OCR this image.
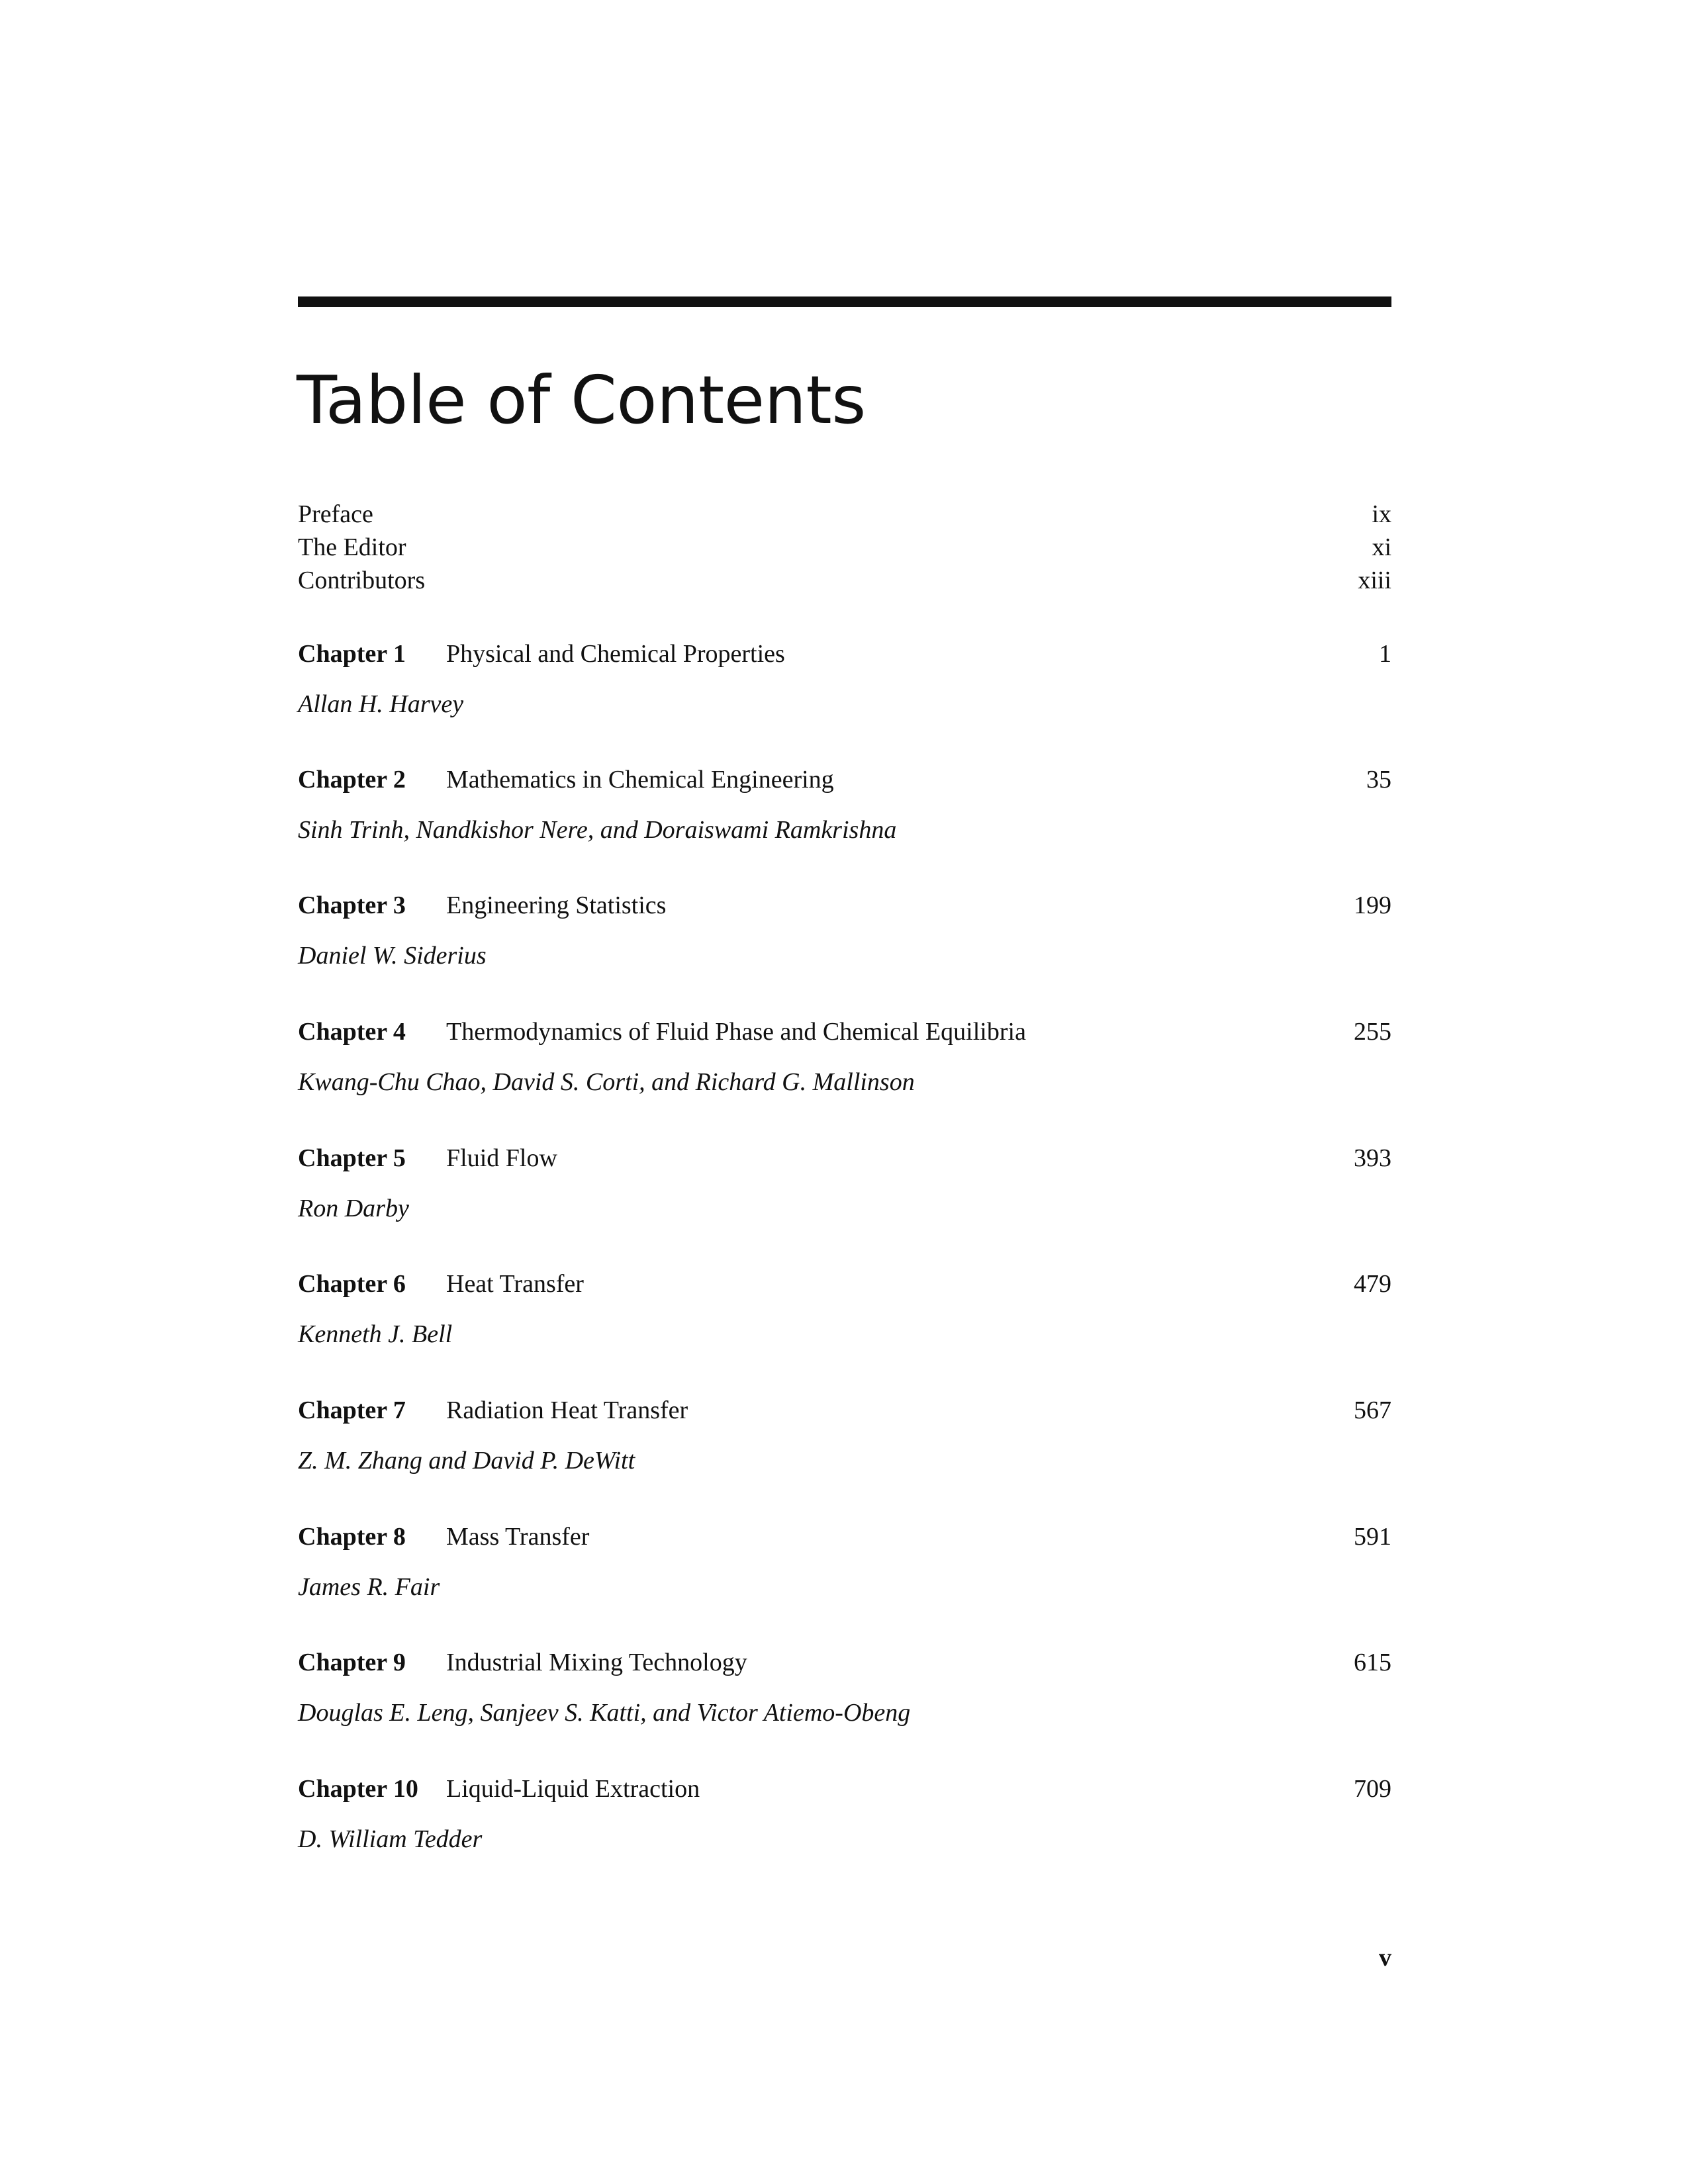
Table of Contents
Preface	ix
The Editor	xi
Contributors	xiii
Chapter 1	Physical and Chemical Properties	1
Allan H. Harvey
Chapter 2	Mathematics in Chemical Engineering	35
Sinh Trinh, Nandkishor Nere, and Doraiswami Ramkrishna
Chapter 3	Engineering Statistics	199
Daniel W. Siderius
Chapter 4	Thermodynamics of Fluid Phase and Chemical Equilibria	255
Kwang-Chu Chao, David S. Corti, and Richard G. Mallinson
Chapter 5	Fluid Flow	393
Ron Darby
Chapter 6	Heat Transfer	479
Kenneth J. Bell
Chapter 7	Radiation Heat Transfer	567
Z. M. Zhang and David P. DeWitt
Chapter 8	Mass Transfer	591
James R. Fair
Chapter 9	Industrial Mixing Technology	615
Douglas E. Leng, Sanjeev S. Katti, and Victor Atiemo-Obeng
Chapter 10	Liquid-Liquid Extraction	709
D. William Tedder
v
